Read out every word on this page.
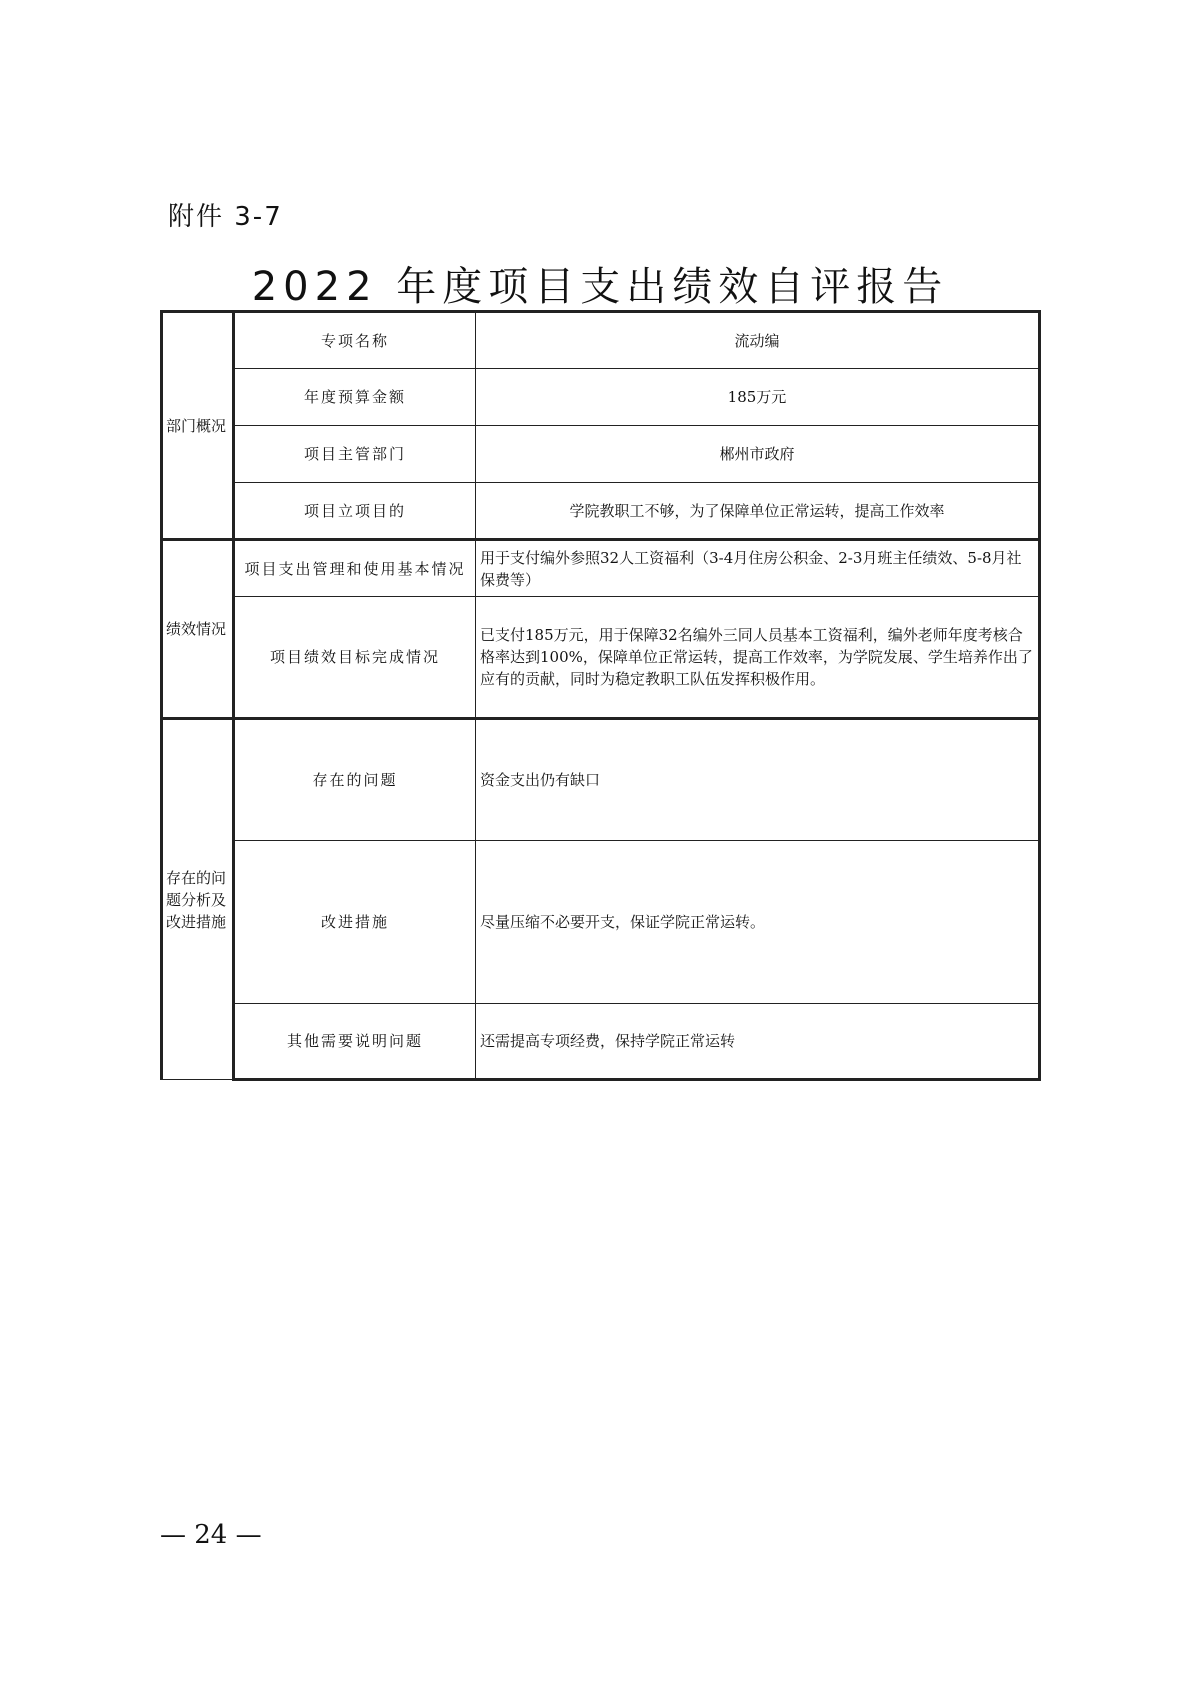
附件 3-7
2022 年度项目支出绩效自评报告
部门概况	专项名称	流动编
	年度预算金额	185万元
	项目主管部门	郴州市政府
	项目立项目的	学院教职工不够，为了保障单位正常运转，提高工作效率
绩效情况	项目支出管理和使用基本情况	用于支付编外参照32人工资福利（3-4月住房公积金、2-3月班主任绩效、5-8月社保费等）
	项目绩效目标完成情况	已支付185万元，用于保障32名编外三同人员基本工资福利，编外老师年度考核合格率达到100%，保障单位正常运转，提高工作效率，为学院发展、学生培养作出了应有的贡献，同时为稳定教职工队伍发挥积极作用。
存在的问题分析及改进措施	存在的问题	资金支出仍有缺口
	改进措施	尽量压缩不必要开支，保证学院正常运转。
	其他需要说明问题	还需提高专项经费，保持学院正常运转
— 24 —
